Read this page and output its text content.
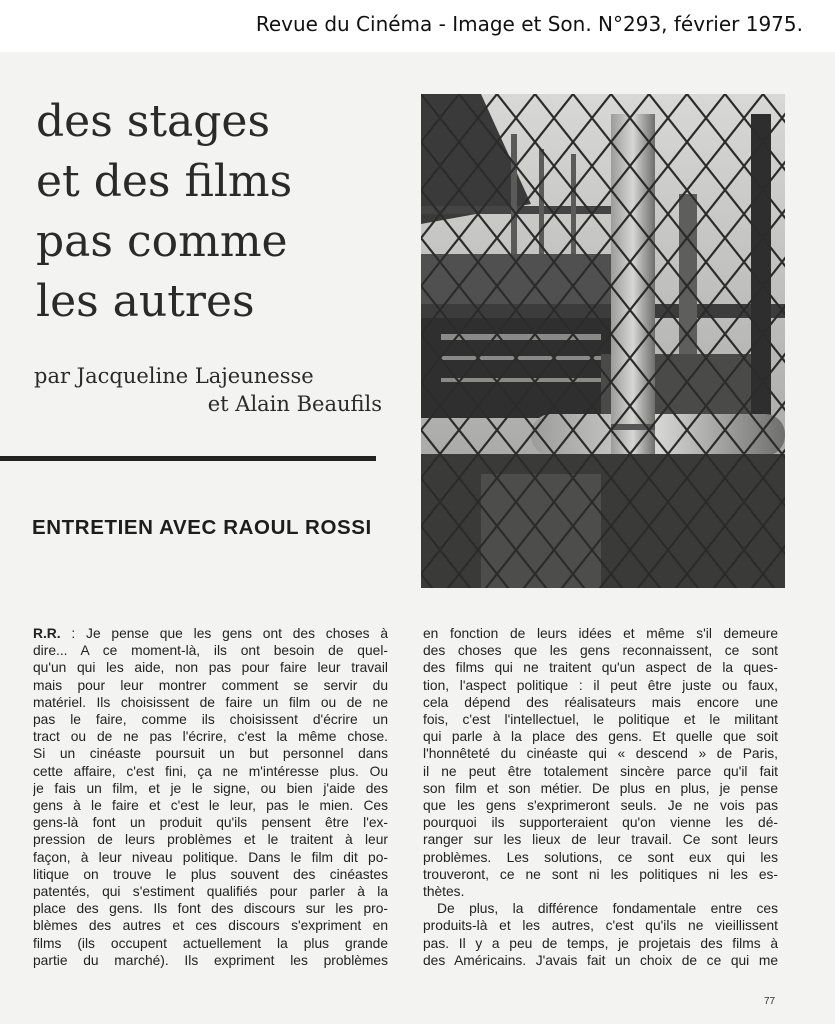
Revue du Cinéma - Image et Son. N°293, février 1975.
des stages
et des films
pas comme
les autres
par Jacqueline Lajeunesse
et Alain Beaufils
ENTRETIEN AVEC RAOUL ROSSI
R.R. : Je pense que les gens ont des choses à
dire... A ce moment-là, ils ont besoin de quel-
qu'un qui les aide, non pas pour faire leur travail
mais pour leur montrer comment se servir du
matériel. Ils choisissent de faire un film ou de ne
pas le faire, comme ils choisissent d'écrire un
tract ou de ne pas l'écrire, c'est la même chose.
Si un cinéaste poursuit un but personnel dans
cette affaire, c'est fini, ça ne m'intéresse plus. Ou
je fais un film, et je le signe, ou bien j'aide des
gens à le faire et c'est le leur, pas le mien. Ces
gens-là font un produit qu'ils pensent être l'ex-
pression de leurs problèmes et le traitent à leur
façon, à leur niveau politique. Dans le film dit po-
litique on trouve le plus souvent des cinéastes
patentés, qui s'estiment qualifiés pour parler à la
place des gens. Ils font des discours sur les pro-
blèmes des autres et ces discours s'expriment en
films (ils occupent actuellement la plus grande
partie du marché). Ils expriment les problèmes
en fonction de leurs idées et même s'il demeure
des choses que les gens reconnaissent, ce sont
des films qui ne traitent qu'un aspect de la ques-
tion, l'aspect politique : il peut être juste ou faux,
cela dépend des réalisateurs mais encore une
fois, c'est l'intellectuel, le politique et le militant
qui parle à la place des gens. Et quelle que soit
l'honnêteté du cinéaste qui « descend » de Paris,
il ne peut être totalement sincère parce qu'il fait
son film et son métier. De plus en plus, je pense
que les gens s'exprimeront seuls. Je ne vois pas
pourquoi ils supporteraient qu'on vienne les dé-
ranger sur les lieux de leur travail. Ce sont leurs
problèmes. Les solutions, ce sont eux qui les
trouveront, ce ne sont ni les politiques ni les es-
thètes.
De plus, la différence fondamentale entre ces
produits-là et les autres, c'est qu'ils ne vieillissent
pas. Il y a peu de temps, je projetais des films à
des Américains. J'avais fait un choix de ce qui me
77
